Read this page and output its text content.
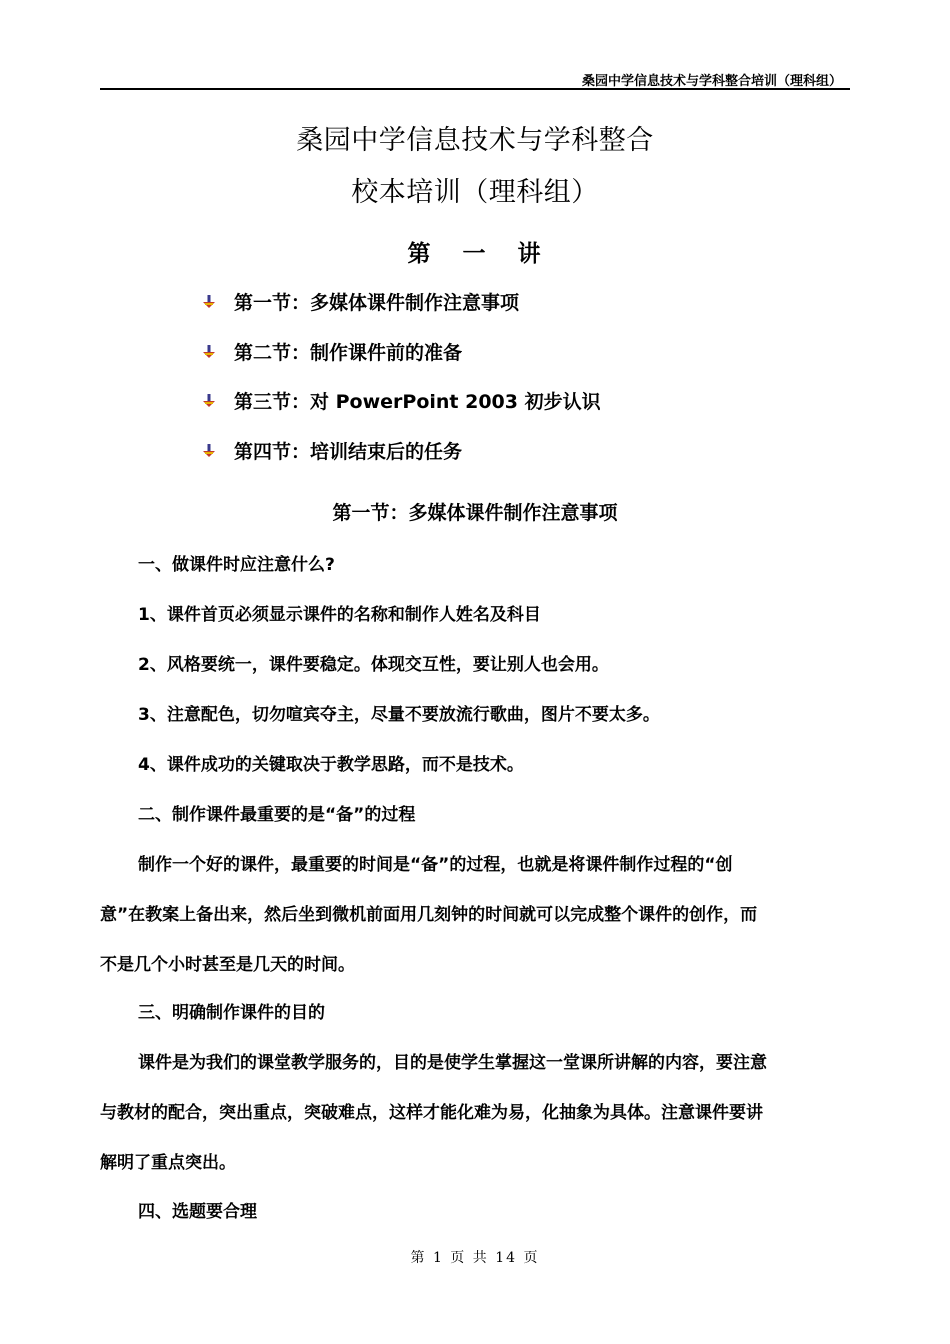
桑园中学信息技术与学科整合培训（理科组）
桑园中学信息技术与学科整合
校本培训（理科组）
第 一 讲
第一节：多媒体课件制作注意事项
第二节：制作课件前的准备
第三节：对 PowerPoint 2003 初步认识
第四节：培训结束后的任务
第一节：多媒体课件制作注意事项
一、做课件时应注意什么?
1、课件首页必须显示课件的名称和制作人姓名及科目
2、风格要统一，课件要稳定。体现交互性，要让别人也会用。
3、注意配色，切勿喧宾夺主，尽量不要放流行歌曲，图片不要太多。
4、课件成功的关键取决于教学思路，而不是技术。
二、制作课件最重要的是“备”的过程
制作一个好的课件，最重要的时间是“备”的过程，也就是将课件制作过程的“创
意”在教案上备出来，然后坐到微机前面用几刻钟的时间就可以完成整个课件的创作，而
不是几个小时甚至是几天的时间。
三、明确制作课件的目的
课件是为我们的课堂教学服务的，目的是使学生掌握这一堂课所讲解的内容，要注意
与教材的配合，突出重点，突破难点，这样才能化难为易，化抽象为具体。注意课件要讲
解明了重点突出。
四、选题要合理
第 1 页 共 14 页
